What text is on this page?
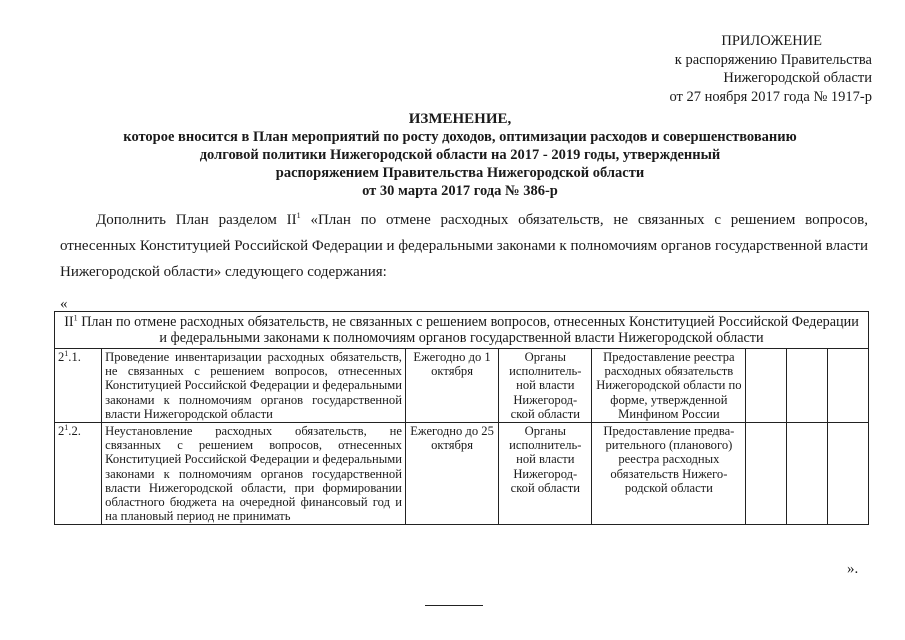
ПРИЛОЖЕНИЕ
к распоряжению Правительства
Нижегородской области
от 27 ноября 2017 года № 1917-р
ИЗМЕНЕНИЕ,
которое вносится в План мероприятий по росту доходов, оптимизации расходов и совершенствованию
долговой политики Нижегородской области на 2017 - 2019 годы, утвержденный
распоряжением Правительства Нижегородской области
от 30 марта 2017 года № 386-р

Дополнить План разделом $II^1$ «План по отмене расходных обязательств, не связанных с решением вопросов, отнесенных Конституцией Российской Федерации и федеральными законами к полномочиям органов государственной власти Нижегородской области» следующего содержания:

«
$II^1$ План по отмене расходных обязательств, не связанных с решением вопросов, отнесенных Конституцией Российской Федерации и федеральными законами к полномочиям органов государственной власти Нижегородской области							
$2^1.1$.	Проведение инвентаризации расходных обязательств, не связанных с решением вопросов, отнесенных Конституцией Российской Федерации и федеральными законами к полномочиям органов государственной власти Нижегородской области	Ежегодно до 1 октября	Органы исполнитель-ной власти Нижегород-ской области	Предоставление реестра расходных обязательств Нижегородской области по форме, утвержденной Минфином России			
$2^1.2$.	Неустановление расходных обязательств, не связанных с решением вопросов, отнесенных Конституцией Российской Федерации и федеральными законами к полномочиям органов государственной власти Нижегородской области, при формировании областного бюджета на очередной финансовый год и на плановый период не принимать	Ежегодно до 25 октября	Органы исполнитель-ной власти Нижегород-ской области	Предоставление предва-рительного (планового) реестра расходных обязательств Нижего-родской области			
».
